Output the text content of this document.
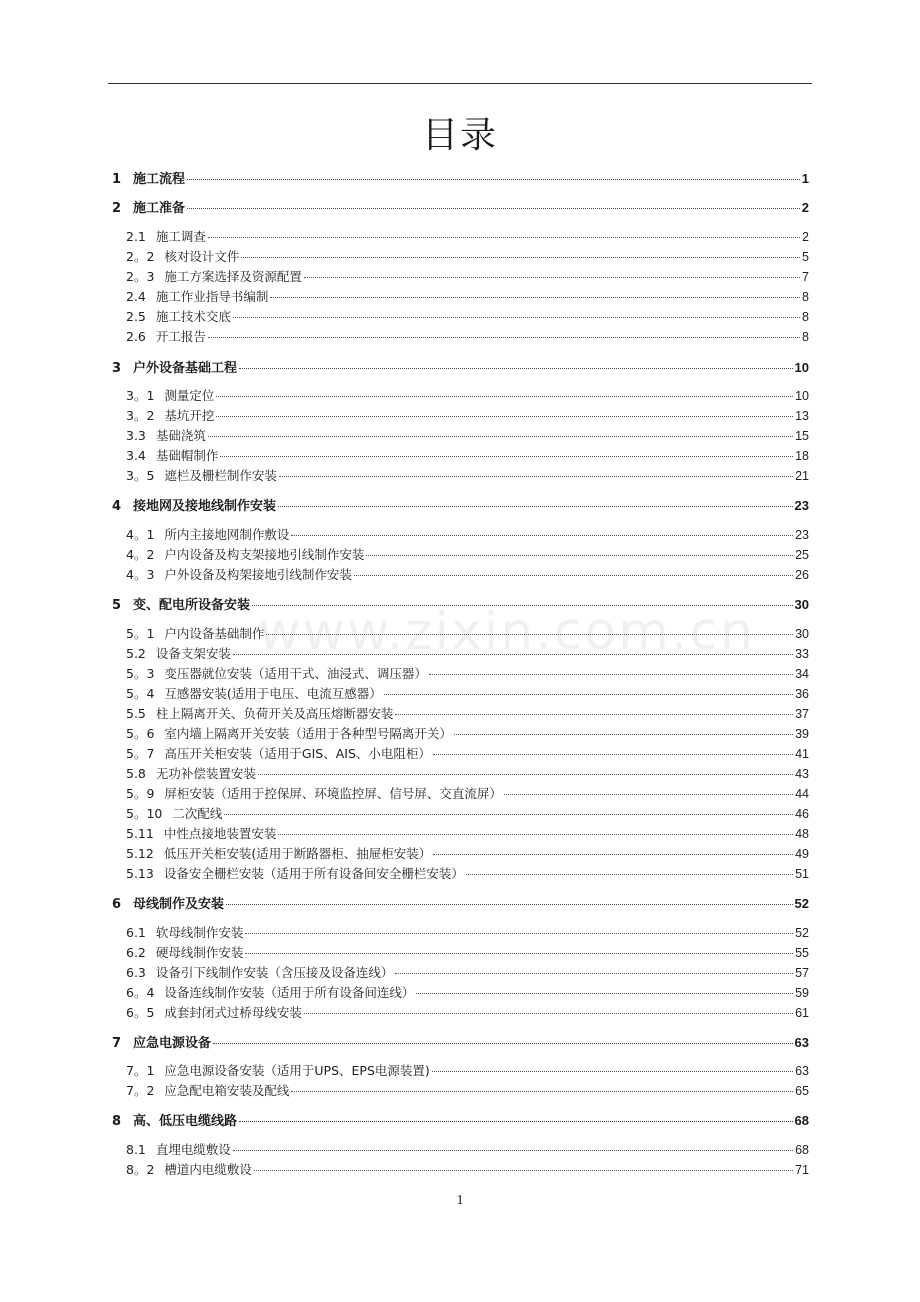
目录
www.zixin.com.cn
1 施工流程	1
2 施工准备	2
2.1 施工调查	2
2。2 核对设计文件	5
2。3 施工方案选择及资源配置	7
2.4 施工作业指导书编制	8
2.5 施工技术交底	8
2.6 开工报告	8
3 户外设备基础工程	10
3。1 测量定位	10
3。2 基坑开挖	13
3.3 基础浇筑	15
3.4 基础帽制作	18
3。5 遮栏及栅栏制作安装	21
4 接地网及接地线制作安装	23
4。1 所内主接地网制作敷设	23
4。2 户内设备及构支架接地引线制作安装	25
4。3 户外设备及构架接地引线制作安装	26
5 变、配电所设备安装	30
5。1 户内设备基础制作	30
5.2 设备支架安装	33
5。3 变压器就位安装（适用干式、油浸式、调压器）	34
5。4 互感器安装(适用于电压、电流互感器）	36
5.5 柱上隔离开关、负荷开关及高压熔断器安装	37
5。6 室内墙上隔离开关安装（适用于各种型号隔离开关）	39
5。7 高压开关柜安装（适用于GIS、AIS、小电阻柜）	41
5.8 无功补偿装置安装	43
5。9 屏柜安装（适用于控保屏、环境监控屏、信号屏、交直流屏）	44
5。10 二次配线	46
5.11 中性点接地装置安装	48
5.12 低压开关柜安装(适用于断路器柜、抽屉柜安装）	49
5.13 设备安全栅栏安装（适用于所有设备间安全栅栏安装）	51
6 母线制作及安装	52
6.1 软母线制作安装	52
6.2 硬母线制作安装	55
6.3 设备引下线制作安装（含压接及设备连线）	57
6。4 设备连线制作安装（适用于所有设备间连线）	59
6。5 成套封闭式过桥母线安装	61
7 应急电源设备	63
7。1 应急电源设备安装（适用于UPS、EPS电源装置)	63
7。2 应急配电箱安装及配线	65
8 高、低压电缆线路	68
8.1 直埋电缆敷设	68
8。2 槽道内电缆敷设	71
1
